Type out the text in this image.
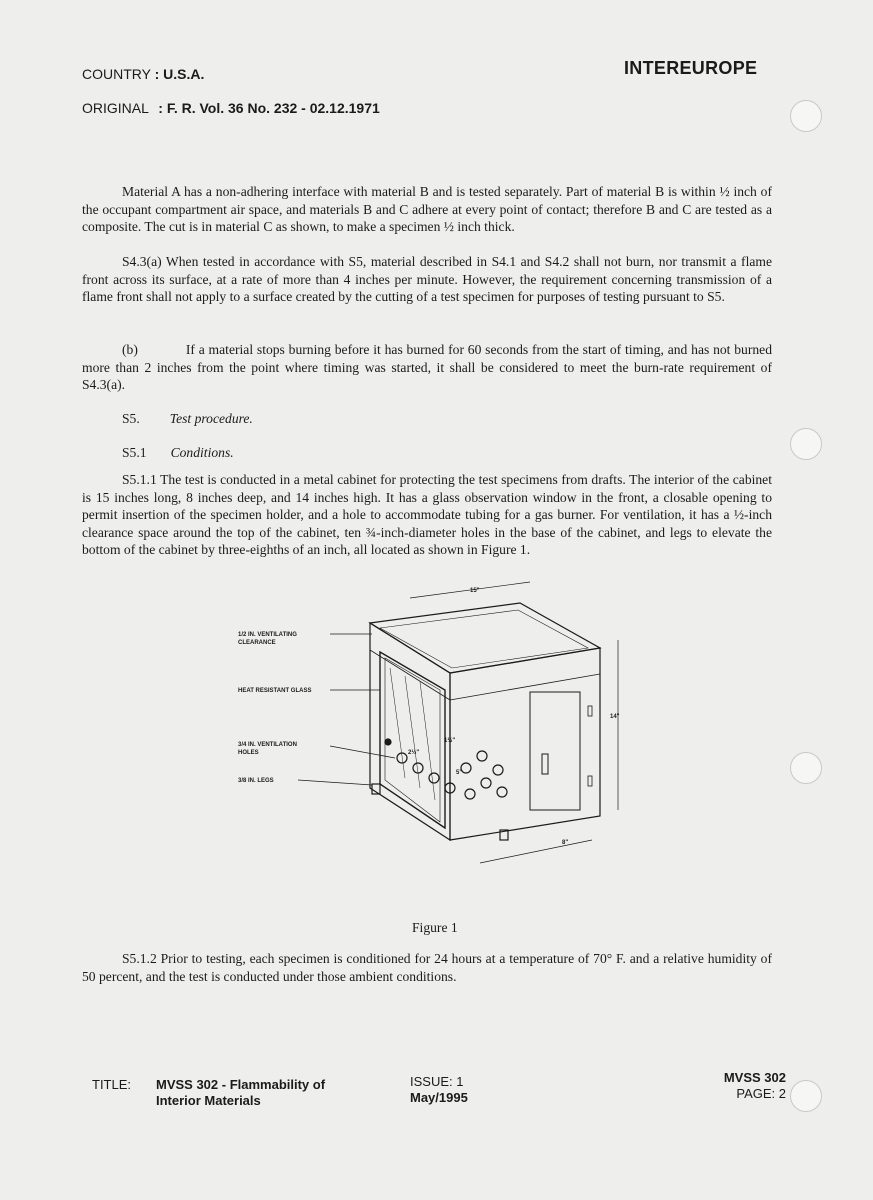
COUNTRY : U.S.A.
ORIGINAL : F. R. Vol. 36 No. 232 - 02.12.1971
INTEREUROPE

Material A has a non-adhering interface with material B and is tested separately. Part of material B is within ½ inch of the occupant compartment air space, and materials B and C adhere at every point of contact; therefore B and C are tested as a composite. The cut is in material C as shown, to make a specimen ½ inch thick.

S4.3(a) When tested in accordance with S5, material described in S4.1 and S4.2 shall not burn, nor transmit a flame front across its surface, at a rate of more than 4 inches per minute. However, the requirement concerning transmission of a flame front shall not apply to a surface created by the cutting of a test specimen for purposes of testing pursuant to S5.

(b)	If a material stops burning before it has burned for 60 seconds from the start of timing, and has not burned more than 2 inches from the point where timing was started, it shall be considered to meet the burn-rate requirement of S4.3(a).

S5. Test procedure.
S5.1 Conditions.

S5.1.1 The test is conducted in a metal cabinet for protecting the test specimens from drafts. The interior of the cabinet is 15 inches long, 8 inches deep, and 14 inches high. It has a glass observation window in the front, a closable opening to permit insertion of the specimen holder, and a hole to accommodate tubing for a gas burner. For ventilation, it has a ½-inch clearance space around the top of the cabinet, ten ¾-inch-diameter holes in the base of the cabinet, and legs to elevate the bottom of the cabinet by three-eighths of an inch, all located as shown in Figure 1.

1/2 IN. VENTILATING
CLEARANCE
HEAT RESISTANT GLASS
3/4 IN. VENTILATION
HOLES
3/8 IN. LEGS
15"
14"
8"
2½"
5"
1½"
Figure 1

S5.1.2 Prior to testing, each specimen is conditioned for 24 hours at a temperature of 70° F. and a relative humidity of 50 percent, and the test is conducted under those ambient conditions.

TITLE: MVSS 302 - Flammability of
Interior Materials
ISSUE: 1
May/1995
MVSS 302
PAGE: 2
